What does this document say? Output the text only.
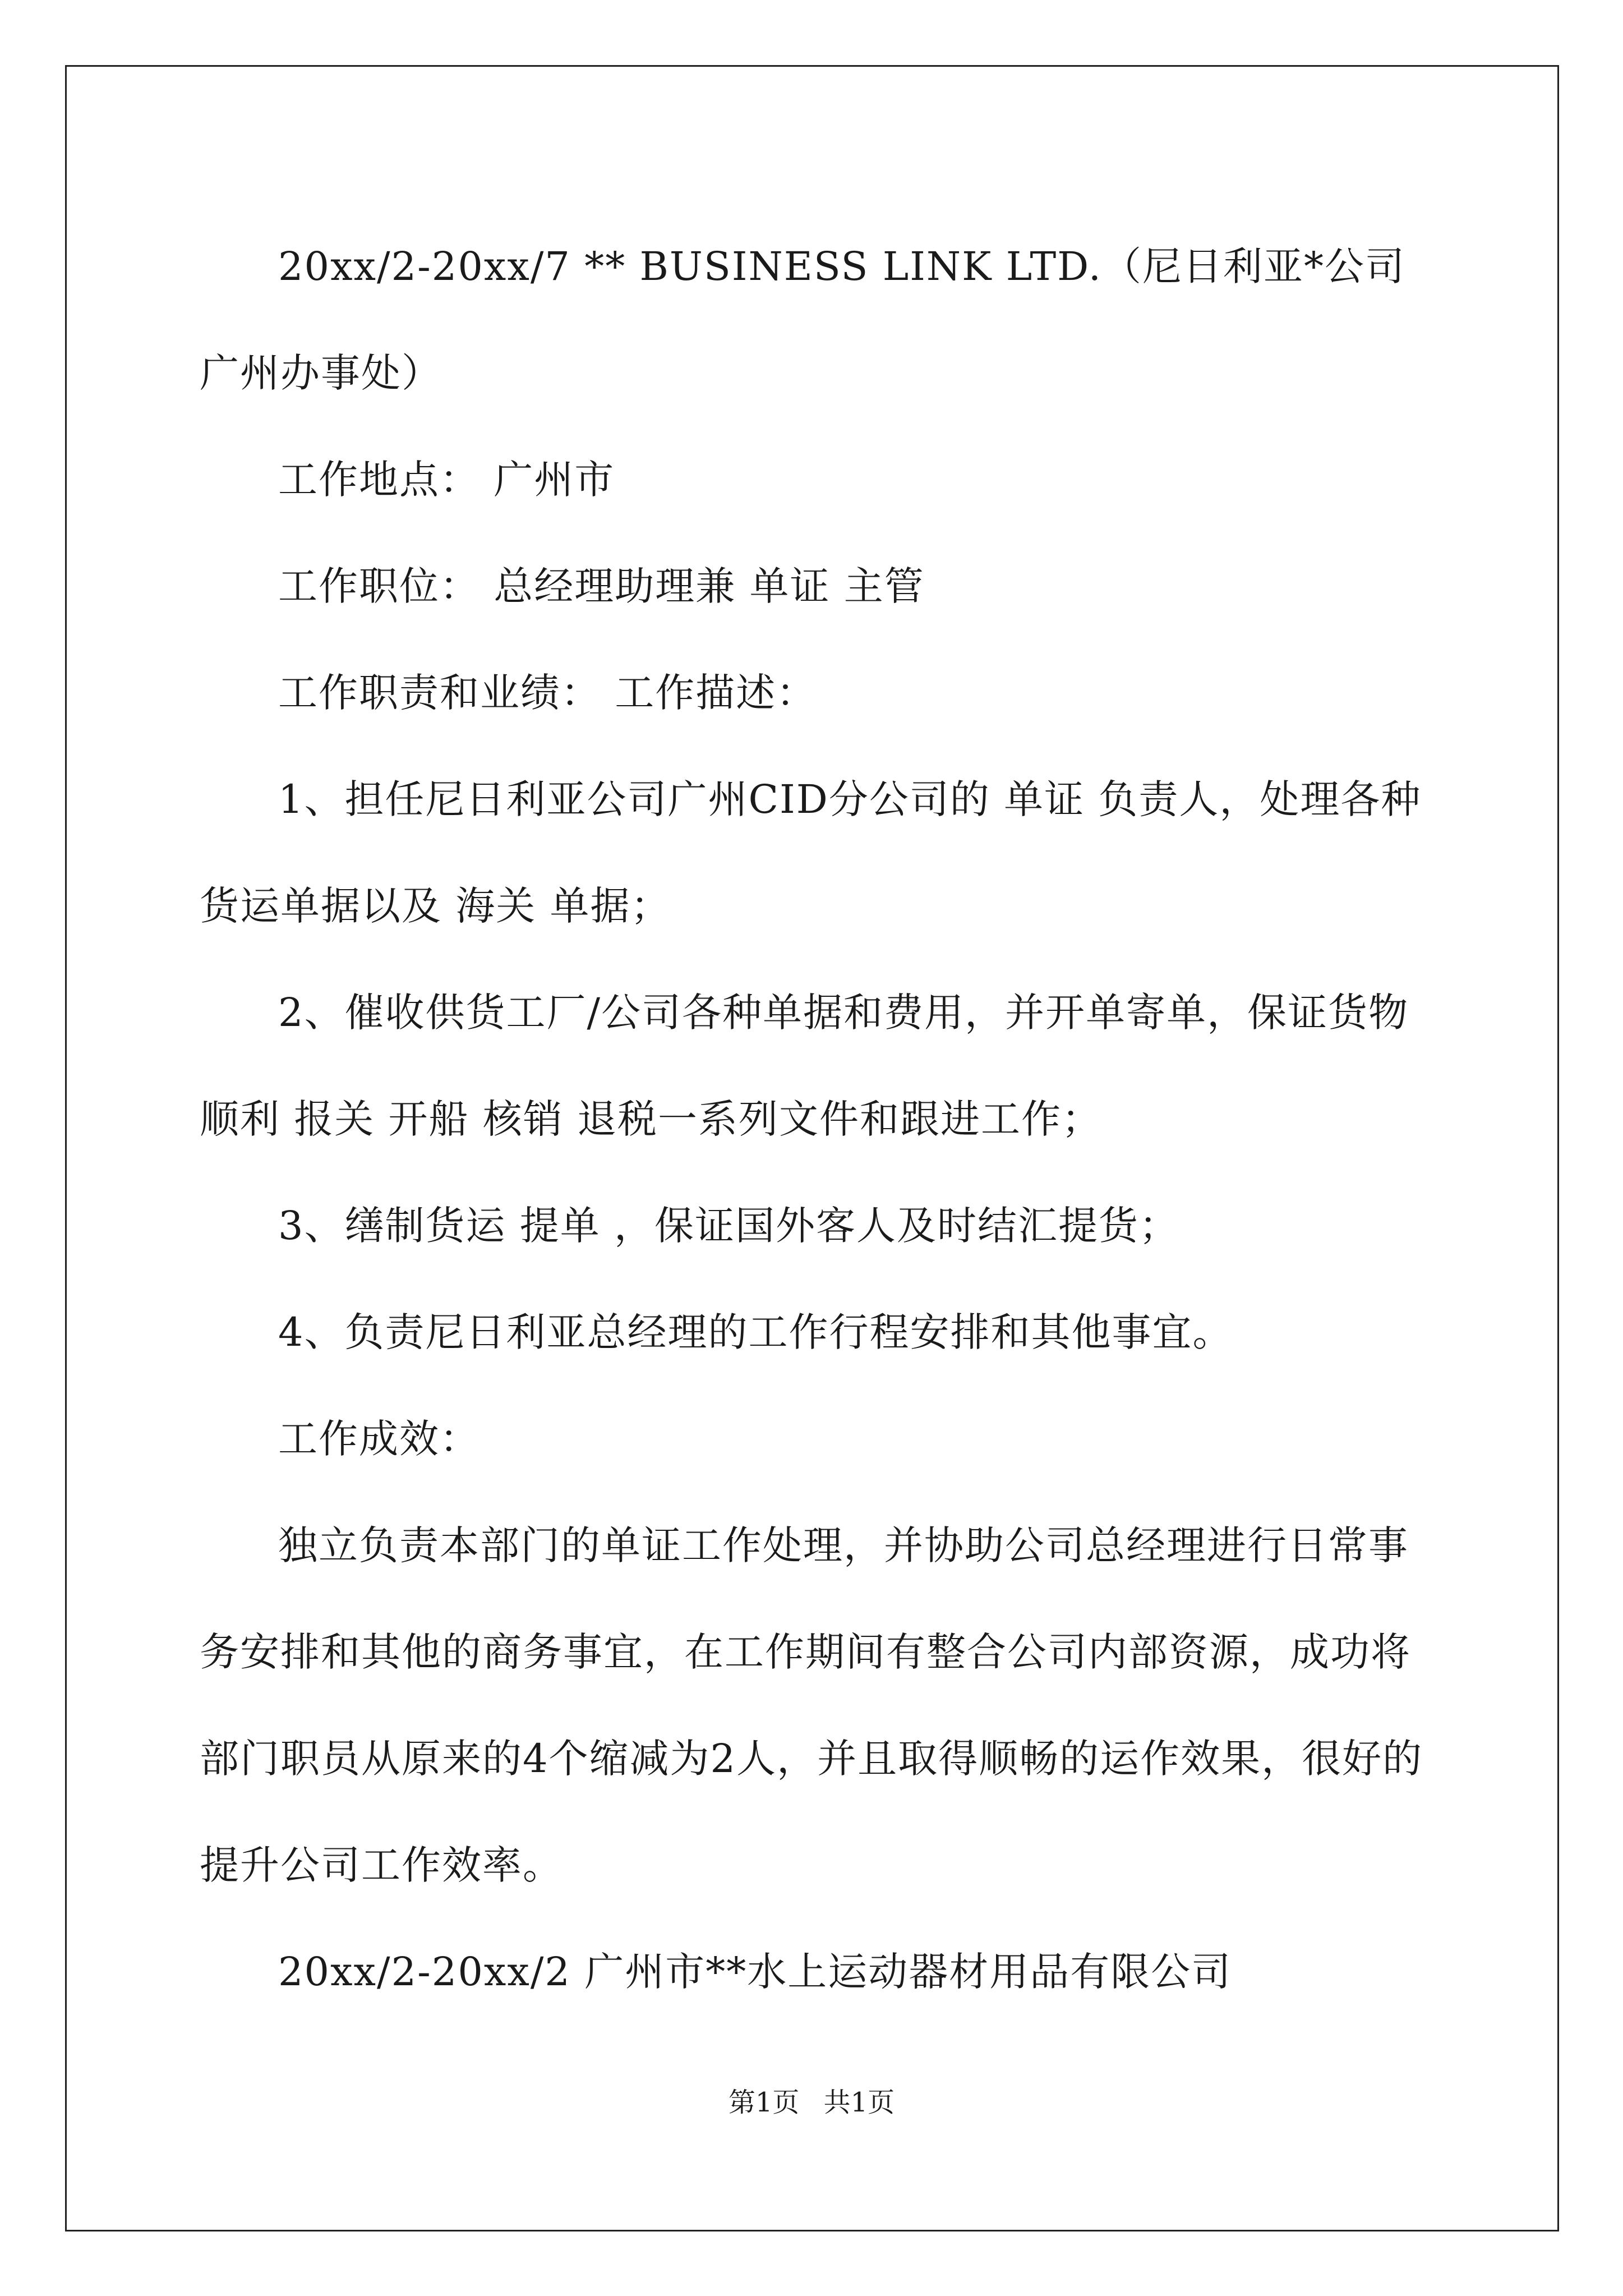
20xx/2-20xx/7 ** BUSINESS LINK LTD.（尼日利亚*公司广州办事处）

工作地点： 广州市

工作职位： 总经理助理兼 单证 主管

工作职责和业绩： 工作描述：

1、担任尼日利亚公司广州CID分公司的 单证 负责人，处理各种货运单据以及 海关 单据；

2、催收供货工厂/公司各种单据和费用，并开单寄单，保证货物顺利 报关 开船 核销 退税一系列文件和跟进工作；

3、缮制货运 提单 ，保证国外客人及时结汇提货；

4、负责尼日利亚总经理的工作行程安排和其他事宜。

工作成效：

独立负责本部门的单证工作处理，并协助公司总经理进行日常事务安排和其他的商务事宜，在工作期间有整合公司内部资源，成功将部门职员从原来的4个缩减为2人，并且取得顺畅的运作效果，很好的提升公司工作效率。

20xx/2-20xx/2 广州市**水上运动器材用品有限公司

第1页 共1页
